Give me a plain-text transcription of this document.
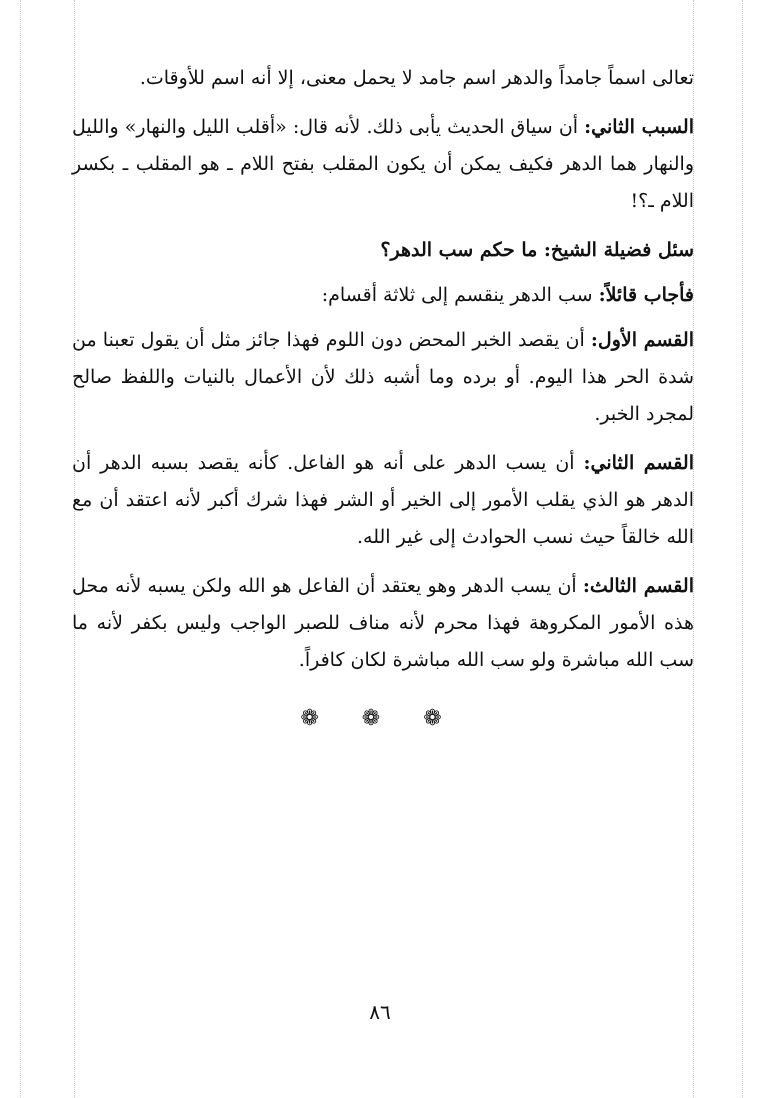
تعالى اسماً جامداً والدهر اسم جامد لا يحمل معنى، إلا أنه اسم للأوقات.

السبب الثاني: أن سياق الحديث يأبى ذلك. لأنه قال: «أقلب الليل والنهار» والليل والنهار هما الدهر فكيف يمكن أن يكون المقلب بفتح اللام ـ هو المقلب ـ بكسر اللام ـ؟!

سئل فضيلة الشيخ: ما حكم سب الدهر؟

فأجاب قائلاً: سب الدهر ينقسم إلى ثلاثة أقسام:

القسم الأول: أن يقصد الخبر المحض دون اللوم فهذا جائز مثل أن يقول تعبنا من شدة الحر هذا اليوم. أو برده وما أشبه ذلك لأن الأعمال بالنيات واللفظ صالح لمجرد الخبر.

القسم الثاني: أن يسب الدهر على أنه هو الفاعل. كأنه يقصد بسبه الدهر أن الدهر هو الذي يقلب الأمور إلى الخير أو الشر فهذا شرك أكبر لأنه اعتقد أن مع الله خالقاً حيث نسب الحوادث إلى غير الله.

القسم الثالث: أن يسب الدهر وهو يعتقد أن الفاعل هو الله ولكن يسبه لأنه محل هذه الأمور المكروهة فهذا محرم لأنه مناف للصبر الواجب وليس بكفر لأنه ما سب الله مباشرة ولو سب الله مباشرة لكان كافراً.

❁ ❁ ❁
٨٦
